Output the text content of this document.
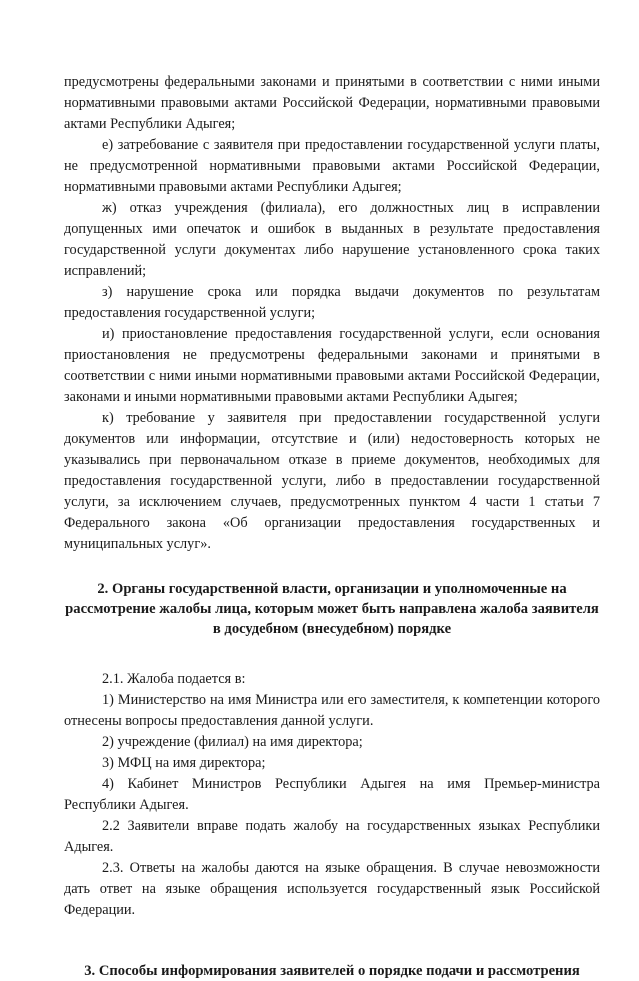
предусмотрены федеральными законами и принятыми в соответствии с ними иными нормативными правовыми актами Российской Федерации, нормативными правовыми актами Республики Адыгея;

е) затребование с заявителя при предоставлении государственной услуги платы, не предусмотренной нормативными правовыми актами Российской Федерации, нормативными правовыми актами Республики Адыгея;

ж) отказ учреждения (филиала), его должностных лиц в исправлении допущенных ими опечаток и ошибок в выданных в результате предоставления государственной услуги документах либо нарушение установленного срока таких исправлений;

з) нарушение срока или порядка выдачи документов по результатам предоставления государственной услуги;

и) приостановление предоставления государственной услуги, если основания приостановления не предусмотрены федеральными законами и принятыми в соответствии с ними иными нормативными правовыми актами Российской Федерации, законами и иными нормативными правовыми актами Республики Адыгея;

к) требование у заявителя при предоставлении государственной услуги документов или информации, отсутствие и (или) недостоверность которых не указывались при первоначальном отказе в приеме документов, необходимых для предоставления государственной услуги, либо в предоставлении государственной услуги, за исключением случаев, предусмотренных пунктом 4 части 1 статьи 7 Федерального закона «Об организации предоставления государственных и муниципальных услуг».

2. Органы государственной власти, организации и уполномоченные на рассмотрение жалобы лица, которым может быть направлена жалоба заявителя в досудебном (внесудебном) порядке

2.1. Жалоба подается в:

1) Министерство на имя Министра или его заместителя, к компетенции которого отнесены вопросы предоставления данной услуги.

2) учреждение (филиал) на имя директора;

3) МФЦ на имя директора;

4) Кабинет Министров Республики Адыгея на имя Премьер-министра Республики Адыгея.

2.2 Заявители вправе подать жалобу на государственных языках Республики Адыгея.

2.3. Ответы на жалобы даются на языке обращения. В случае невозможности дать ответ на языке обращения используется государственный язык Российской Федерации.

3. Способы информирования заявителей о порядке подачи и рассмотрения
